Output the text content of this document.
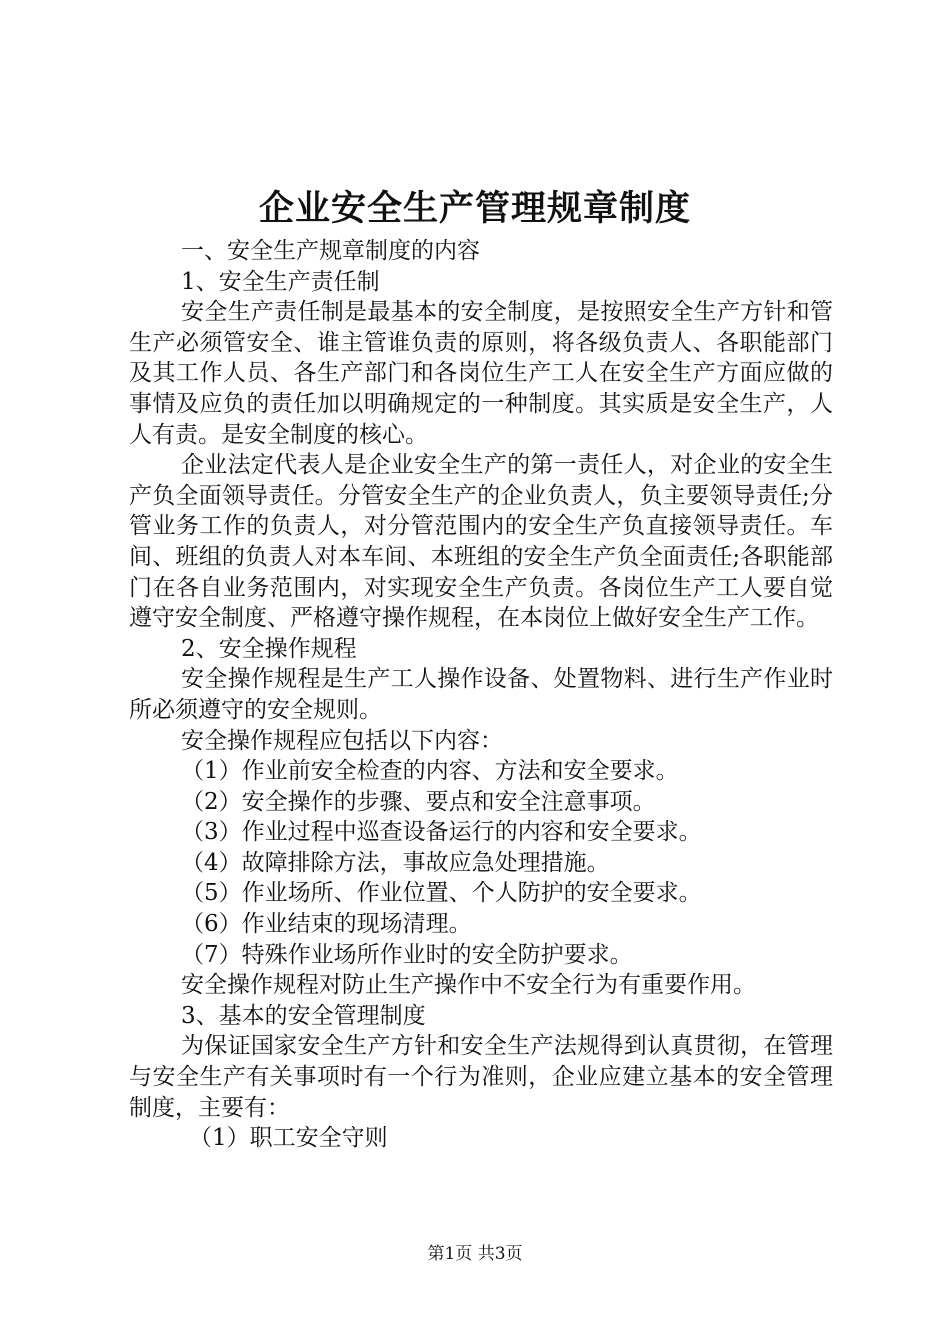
企业安全生产管理规章制度

一、安全生产规章制度的内容

1、安全生产责任制

安全生产责任制是最基本的安全制度，是按照安全生产方针和管生产必须管安全、谁主管谁负责的原则，将各级负责人、各职能部门及其工作人员、各生产部门和各岗位生产工人在安全生产方面应做的事情及应负的责任加以明确规定的一种制度。其实质是安全生产，人人有责。是安全制度的核心。

企业法定代表人是企业安全生产的第一责任人，对企业的安全生产负全面领导责任。分管安全生产的企业负责人，负主要领导责任;分管业务工作的负责人，对分管范围内的安全生产负直接领导责任。车间、班组的负责人对本车间、本班组的安全生产负全面责任;各职能部门在各自业务范围内，对实现安全生产负责。各岗位生产工人要自觉遵守安全制度、严格遵守操作规程，在本岗位上做好安全生产工作。

2、安全操作规程

安全操作规程是生产工人操作设备、处置物料、进行生产作业时所必须遵守的安全规则。

安全操作规程应包括以下内容：

（1）作业前安全检查的内容、方法和安全要求。

（2）安全操作的步骤、要点和安全注意事项。

（3）作业过程中巡查设备运行的内容和安全要求。

（4）故障排除方法，事故应急处理措施。

（5）作业场所、作业位置、个人防护的安全要求。

（6）作业结束的现场清理。

（7）特殊作业场所作业时的安全防护要求。

安全操作规程对防止生产操作中不安全行为有重要作用。

3、基本的安全管理制度

为保证国家安全生产方针和安全生产法规得到认真贯彻，在管理与安全生产有关事项时有一个行为准则，企业应建立基本的安全管理制度，主要有：

（1）职工安全守则

第1页 共3页
